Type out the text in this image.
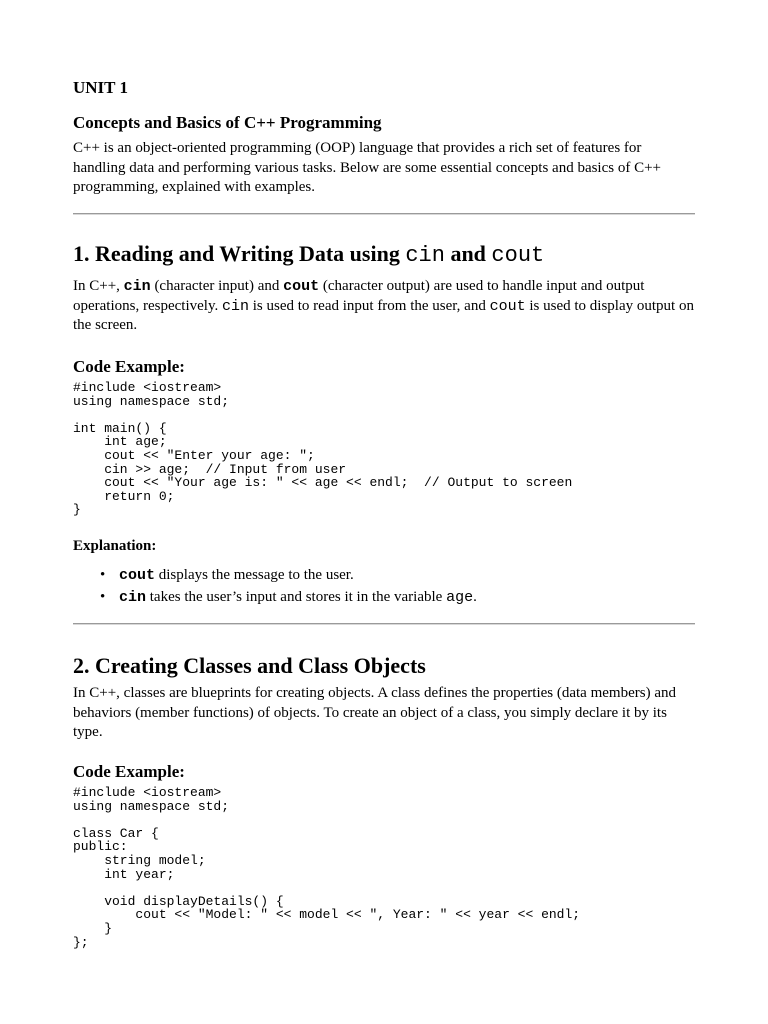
UNIT 1
Concepts and Basics of C++ Programming

C++ is an object-oriented programming (OOP) language that provides a rich set of features for handling data and performing various tasks. Below are some essential concepts and basics of C++ programming, explained with examples.

1. Reading and Writing Data using cin and cout

In C++, cin (character input) and cout (character output) are used to handle input and output operations, respectively. cin is used to read input from the user, and cout is used to display output on the screen.

Code Example:
#include <iostream>
using namespace std;

int main() {
int age;
cout << "Enter your age: ";
cin >> age;  // Input from user
cout << "Your age is: " << age << endl;  // Output to screen
return 0;
}
Explanation:
• cout displays the message to the user.
• cin takes the user’s input and stores it in the variable age.
2. Creating Classes and Class Objects

In C++, classes are blueprints for creating objects. A class defines the properties (data members) and behaviors (member functions) of objects. To create an object of a class, you simply declare it by its type.

Code Example:
#include <iostream>
using namespace std;

class Car {
public:
string model;
int year;

void displayDetails() {
cout << "Model: " << model << ", Year: " << year << endl;
}
};
